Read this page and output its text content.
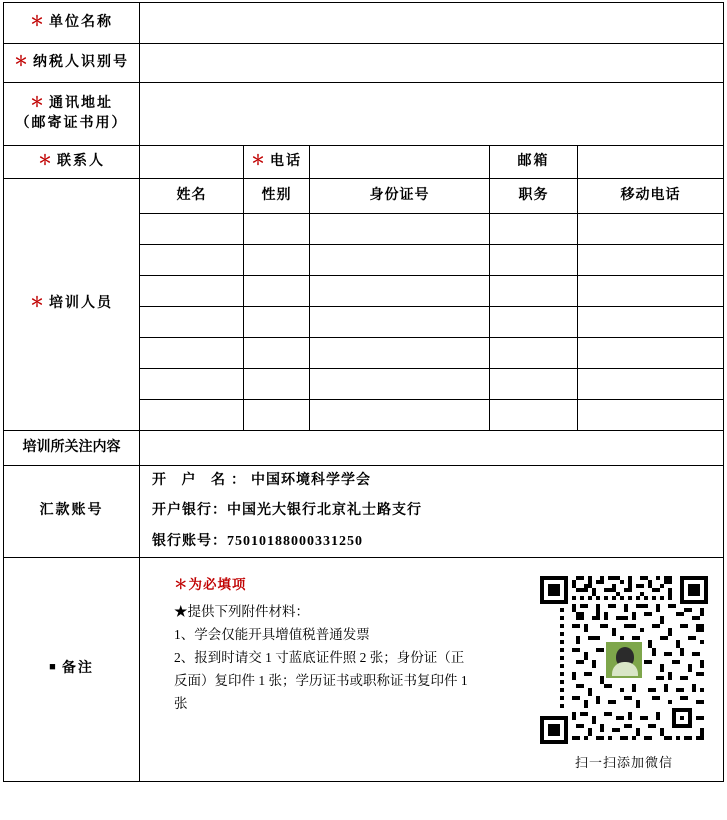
＊ 单位名称					
＊ 纳税人识别号					

＊ 通讯地址
（邮寄证书用）					

＊ 联系人		＊ 电话		邮箱	
＊ 培训人员	姓名	性别	身份证号	职务	移动电话

培训所关注内容					
汇款账号	开 户 名：中国环境科学学会
开户银行：中国光大银行北京礼士路支行
银行账号：75010188000331250				

■ 备注	
＊为必填项

★提供下列附件材料：

1、学会仅能开具增值税普通发票

2、报到时请交 1 寸蓝底证件照 2 张；身份证（正

反面）复印件 1 张；学历证书或职称证书复印件 1

张

扫一扫添加微信
